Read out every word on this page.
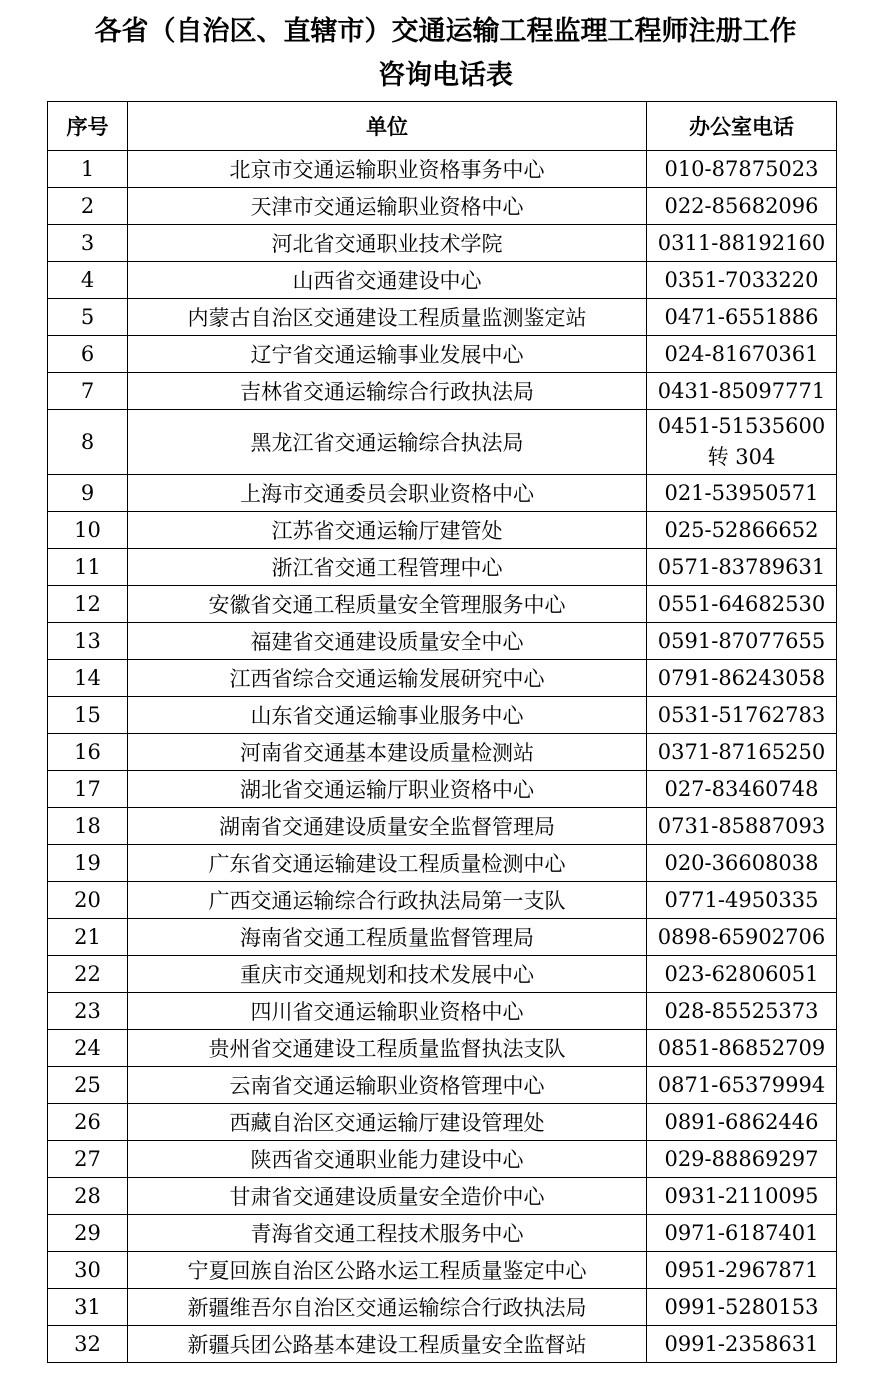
各省（自治区、直辖市）交通运输工程监理工程师注册工作
咨询电话表
序号	单位	办公室电话
1	北京市交通运输职业资格事务中心	010-87875023
2	天津市交通运输职业资格中心	022-85682096
3	河北省交通职业技术学院	0311-88192160
4	山西省交通建设中心	0351-7033220
5	内蒙古自治区交通建设工程质量监测鉴定站	0471-6551886
6	辽宁省交通运输事业发展中心	024-81670361
7	吉林省交通运输综合行政执法局	0431-85097771
8	黑龙江省交通运输综合执法局	0451-51535600
转 304

9	上海市交通委员会职业资格中心	021-53950571
10	江苏省交通运输厅建管处	025-52866652
11	浙江省交通工程管理中心	0571-83789631
12	安徽省交通工程质量安全管理服务中心	0551-64682530
13	福建省交通建设质量安全中心	0591-87077655
14	江西省综合交通运输发展研究中心	0791-86243058
15	山东省交通运输事业服务中心	0531-51762783
16	河南省交通基本建设质量检测站	0371-87165250
17	湖北省交通运输厅职业资格中心	027-83460748
18	湖南省交通建设质量安全监督管理局	0731-85887093
19	广东省交通运输建设工程质量检测中心	020-36608038
20	广西交通运输综合行政执法局第一支队	0771-4950335
21	海南省交通工程质量监督管理局	0898-65902706
22	重庆市交通规划和技术发展中心	023-62806051
23	四川省交通运输职业资格中心	028-85525373
24	贵州省交通建设工程质量监督执法支队	0851-86852709
25	云南省交通运输职业资格管理中心	0871-65379994
26	西藏自治区交通运输厅建设管理处	0891-6862446
27	陕西省交通职业能力建设中心	029-88869297
28	甘肃省交通建设质量安全造价中心	0931-2110095
29	青海省交通工程技术服务中心	0971-6187401
30	宁夏回族自治区公路水运工程质量鉴定中心	0951-2967871
31	新疆维吾尔自治区交通运输综合行政执法局	0991-5280153
32	新疆兵团公路基本建设工程质量安全监督站	0991-2358631
